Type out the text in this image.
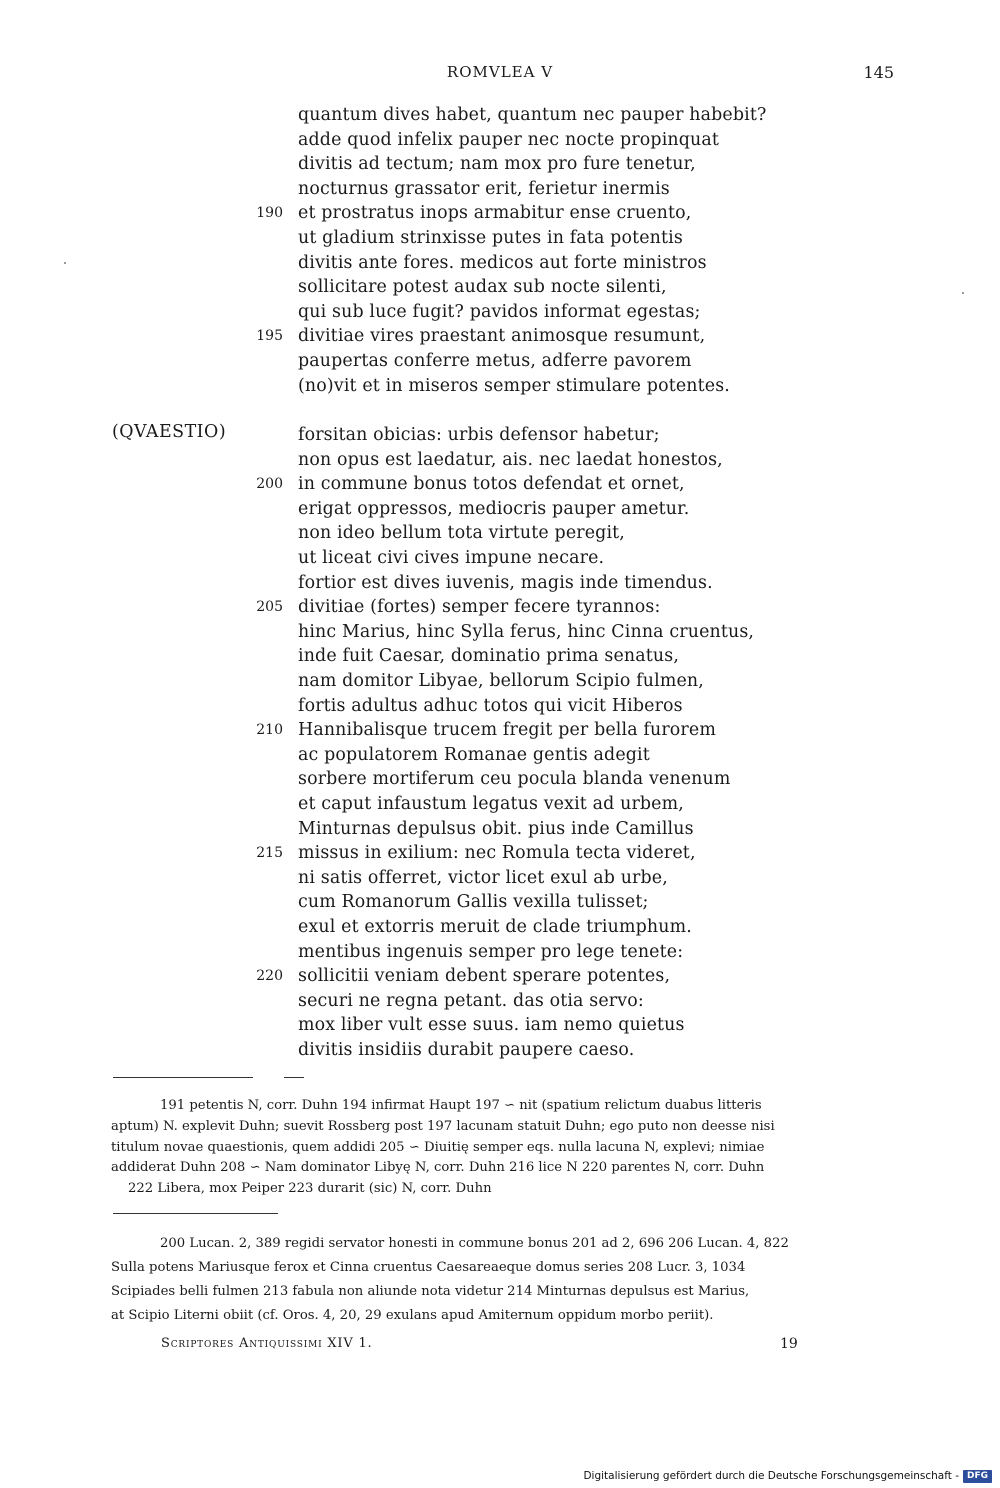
ROMVLEA V	145
quantum dives habet, quantum nec pauper habebit?
adde quod infelix pauper nec nocte propinquat
divitis ad tectum; nam mox pro fure tenetur,
nocturnus grassator erit, ferietur inermis
190 et prostratus inops armabitur ense cruento,
ut gladium strinxisse putes in fata potentis
divitis ante fores. medicos aut forte ministros
sollicitare potest audax sub nocte silenti,
qui sub luce fugit? pavidos informat egestas;
195 divitiae vires praestant animosque resumunt,
paupertas conferre metus, adferre pavorem
(no)vit et in miseros semper stimulare potentes.
(QVAESTIO)	forsitan obicias: urbis defensor habetur;
non opus est laedatur, ais. nec laedat honestos,
200 in commune bonus totos defendat et ornet,
erigat oppressos, mediocris pauper ametur.
non ideo bellum tota virtute peregit,
ut liceat civi cives impune necare.
fortior est dives iuvenis, magis inde timendus.
205 divitiae (fortes) semper fecere tyrannos:
hinc Marius, hinc Sylla ferus, hinc Cinna cruentus,
inde fuit Caesar, dominatio prima senatus,
nam domitor Libyae, bellorum Scipio fulmen,
fortis adultus adhuc totos qui vicit Hiberos
210 Hannibalisque trucem fregit per bella furorem
ac populatorem Romanae gentis adegit
sorbere mortiferum ceu pocula blanda venenum
et caput infaustum legatus vexit ad urbem,
Minturnas depulsus obit. pius inde Camillus
215 missus in exilium: nec Romula tecta videret,
ni satis offerret, victor licet exul ab urbe,
cum Romanorum Gallis vexilla tulisset;
exul et extorris meruit de clade triumphum.
mentibus ingenuis semper pro lege tenete:
220 sollicitii veniam debent sperare potentes,
securi ne regna petant. das otia servo:
mox liber vult esse suus. iam nemo quietus
divitis insidiis durabit paupere caeso.
191 petentis N, corr. Duhn 194 infirmat Haupt 197 ∽ nit (spatium relictum duabus litteris
aptum) N. explevit Duhn; suevit Rossberg post 197 lacunam statuit Duhn; ego puto non deesse nisi
titulum novae quaestionis, quem addidi 205 ∽ Diuitię semper eqs. nulla lacuna N, explevi; nimiae
addiderat Duhn 208 ∽ Nam dominator Libyę N, corr. Duhn 216 lice N 220 parentes N, corr. Duhn
222 Libera, mox Peiper 223 durarit (sic) N, corr. Duhn
200 Lucan. 2, 389 regidi servator honesti in commune bonus 201 ad 2, 696 206 Lucan. 4, 822
Sulla potens Mariusque ferox et Cinna cruentus Caesareaeque domus series 208 Lucr. 3, 1034
Scipiades belli fulmen 213 fabula non aliunde nota videtur 214 Minturnas depulsus est Marius,
at Scipio Literni obiit (cf. Oros. 4, 20, 29 exulans apud Amiternum oppidum morbo periit).
Scriptores Antiquissimi XIV 1.	19
Digitalisierung gefördert durch die Deutsche Forschungsgemeinschaft - DFG
